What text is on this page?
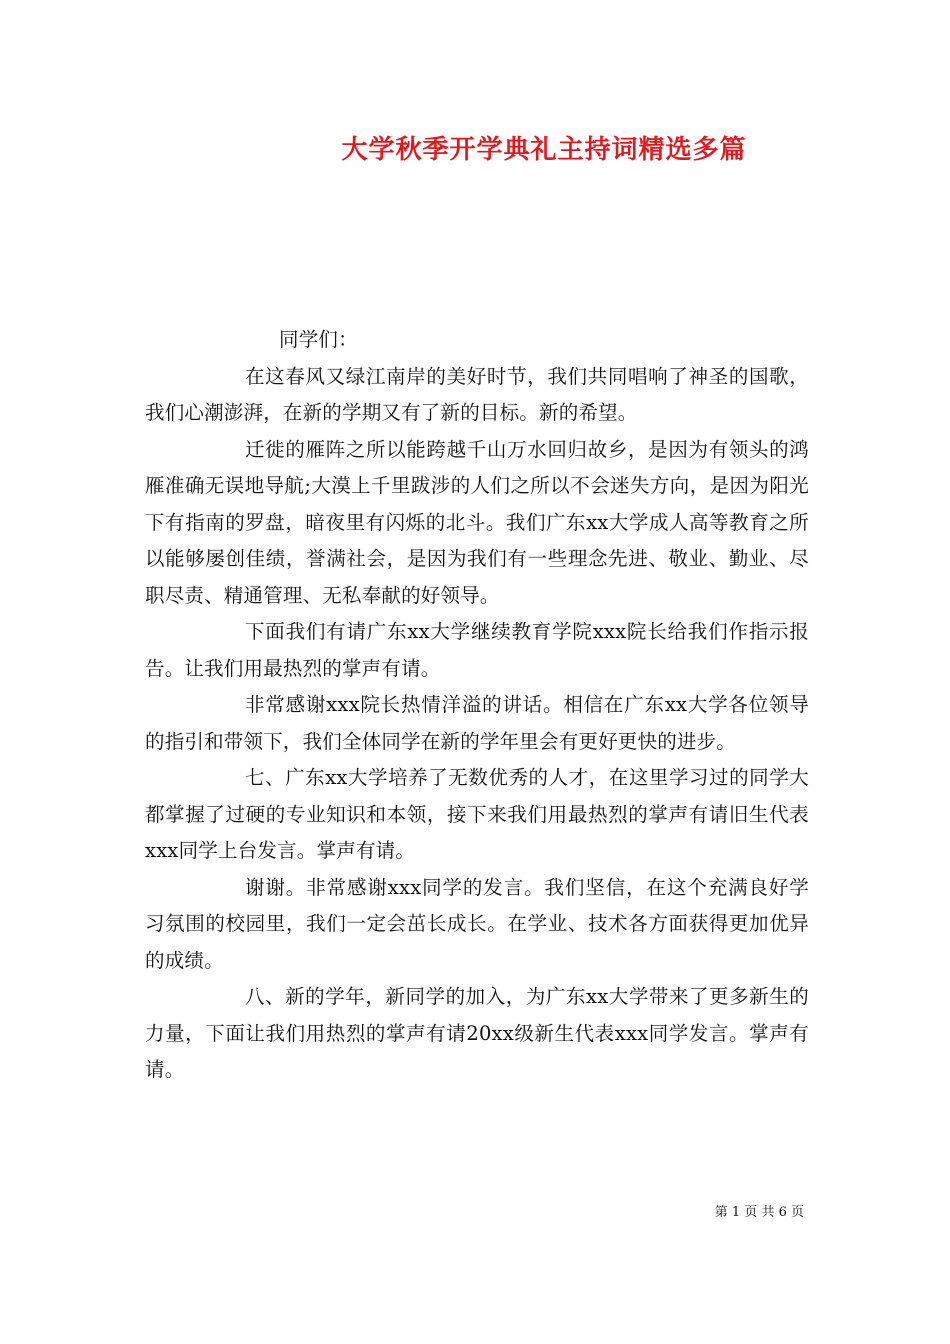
大学秋季开学典礼主持词精选多篇
同学们：

在这春风又绿江南岸的美好时节，我们共同唱响了神圣的国歌，我们心潮澎湃，在新的学期又有了新的目标。新的希望。

迁徙的雁阵之所以能跨越千山万水回归故乡，是因为有领头的鸿雁准确无误地导航;大漠上千里跋涉的人们之所以不会迷失方向，是因为阳光下有指南的罗盘，暗夜里有闪烁的北斗。我们广东xx大学成人高等教育之所以能够屡创佳绩，誉满社会，是因为我们有一些理念先进、敬业、勤业、尽职尽责、精通管理、无私奉献的好领导。

下面我们有请广东xx大学继续教育学院xxx院长给我们作指示报告。让我们用最热烈的掌声有请。

非常感谢xxx院长热情洋溢的讲话。相信在广东xx大学各位领导的指引和带领下，我们全体同学在新的学年里会有更好更快的进步。

七、广东xx大学培养了无数优秀的人才，在这里学习过的同学大都掌握了过硬的专业知识和本领，接下来我们用最热烈的掌声有请旧生代表xxx同学上台发言。掌声有请。

谢谢。非常感谢xxx同学的发言。我们坚信，在这个充满良好学习氛围的校园里，我们一定会茁长成长。在学业、技术各方面获得更加优异的成绩。

八、新的学年，新同学的加入，为广东xx大学带来了更多新生的力量，下面让我们用热烈的掌声有请20xx级新生代表xxx同学发言。掌声有请。

第 1 页 共 6 页
